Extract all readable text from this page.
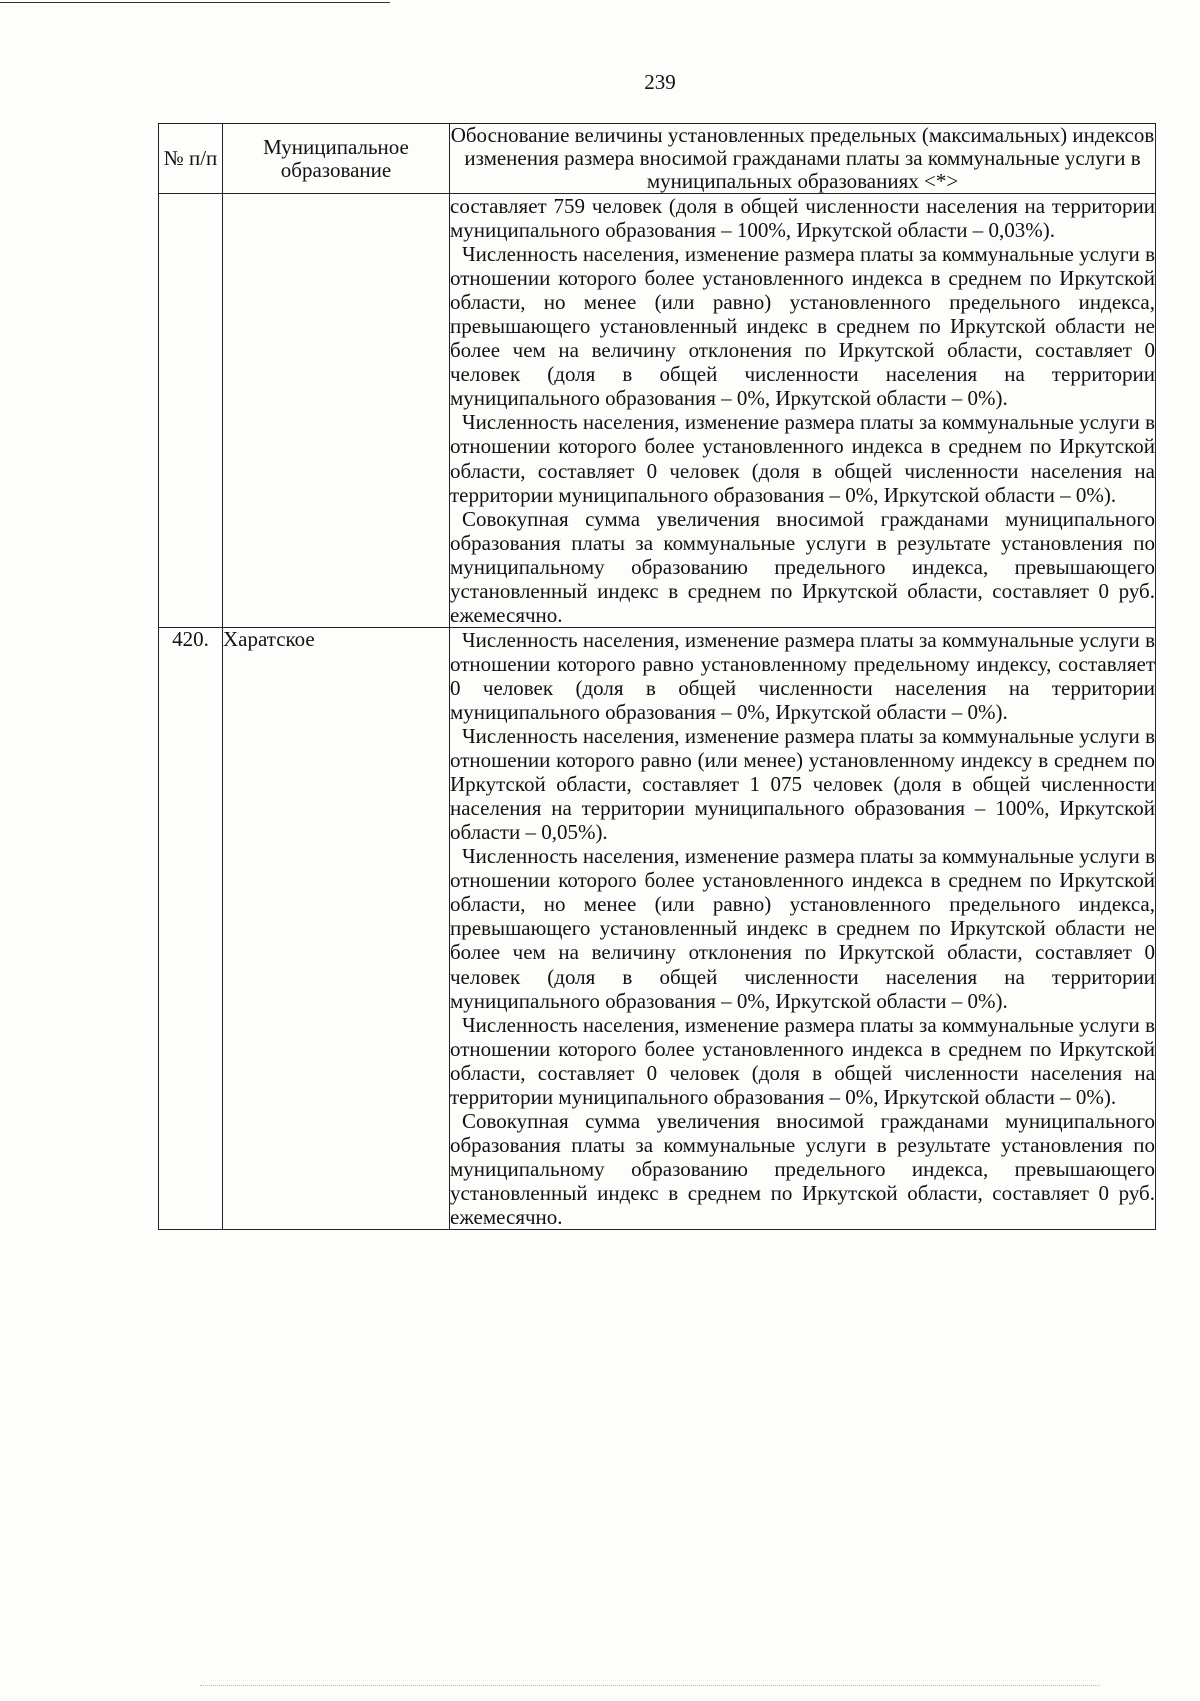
239
№ п/п	Муниципальное образование	Обоснование величины установленных предельных (максимальных) индексов изменения размера вносимой гражданами платы за коммунальные услуги в муниципальных образованиях <*>

		составляет 759 человек (доля в общей численности населения на территории муниципального образования – 100%, Иркутской области – 0,03%).

Численность населения, изменение размера платы за коммунальные услуги в отношении которого более установленного индекса в среднем по Иркутской области, но менее (или равно) установленного предельного индекса, превышающего установленный индекс в среднем по Иркутской области не более чем на величину отклонения по Иркутской области, составляет 0 человек (доля в общей численности населения на территории муниципального образования – 0%, Иркутской области – 0%).

Численность населения, изменение размера платы за коммунальные услуги в отношении которого более установленного индекса в среднем по Иркутской области, составляет 0 человек (доля в общей численности населения на территории муниципального образования – 0%, Иркутской области – 0%).

Совокупная сумма увеличения вносимой гражданами муниципального образования платы за коммунальные услуги в результате установления по муниципальному образованию предельного индекса, превышающего установленный индекс в среднем по Иркутской области, составляет 0 руб. ежемесячно.

420.	Харатское	Численность населения, изменение размера платы за коммунальные услуги в отношении которого равно установленному предельному индексу, составляет 0 человек (доля в общей численности населения на территории муниципального образования – 0%, Иркутской области – 0%).

Численность населения, изменение размера платы за коммунальные услуги в отношении которого равно (или менее) установленному индексу в среднем по Иркутской области, составляет 1 075 человек (доля в общей численности населения на территории муниципального образования – 100%, Иркутской области – 0,05%).

Численность населения, изменение размера платы за коммунальные услуги в отношении которого более установленного индекса в среднем по Иркутской области, но менее (или равно) установленного предельного индекса, превышающего установленный индекс в среднем по Иркутской области не более чем на величину отклонения по Иркутской области, составляет 0 человек (доля в общей численности населения на территории муниципального образования – 0%, Иркутской области – 0%).

Численность населения, изменение размера платы за коммунальные услуги в отношении которого более установленного индекса в среднем по Иркутской области, составляет 0 человек (доля в общей численности населения на территории муниципального образования – 0%, Иркутской области – 0%).

Совокупная сумма увеличения вносимой гражданами муниципального образования платы за коммунальные услуги в результате установления по муниципальному образованию предельного индекса, превышающего установленный индекс в среднем по Иркутской области, составляет 0 руб. ежемесячно.
